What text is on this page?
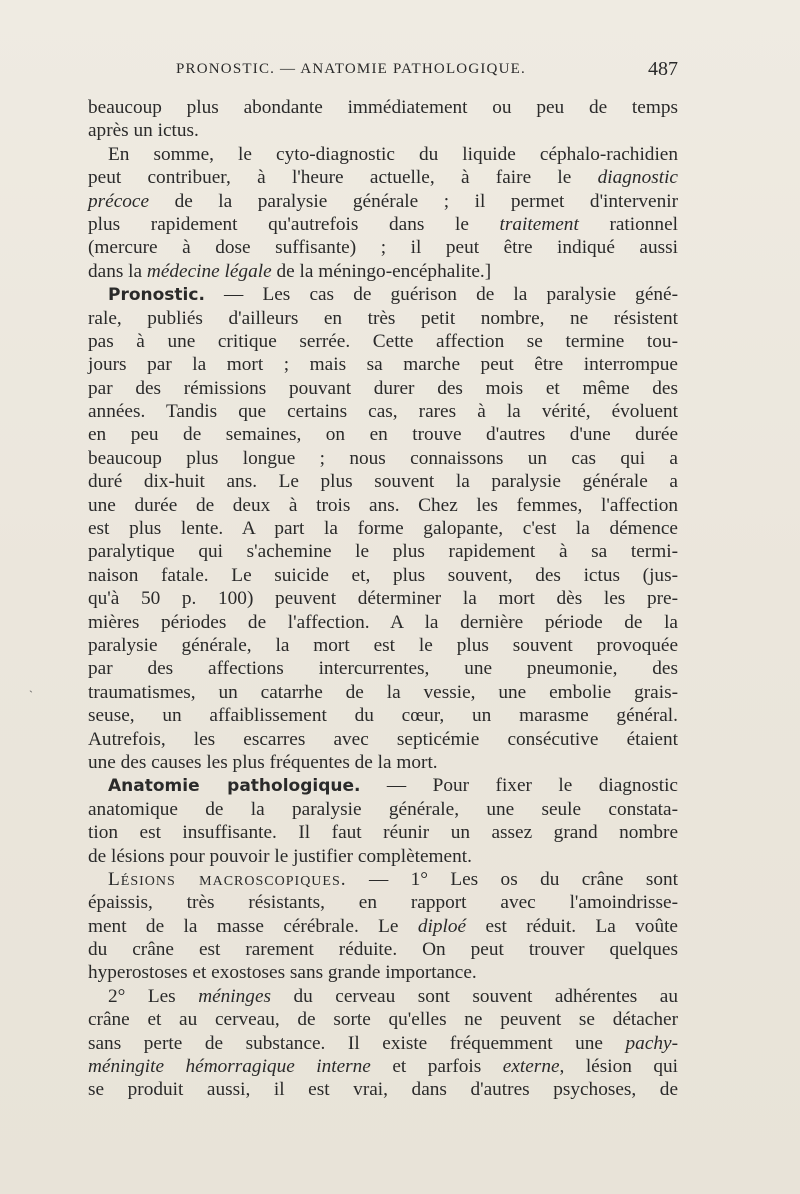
PRONOSTIC. — ANATOMIE PATHOLOGIQUE.	487
`
beaucoup plus abondante immédiatement ou peu de temps
après un ictus.
En somme, le cyto-diagnostic du liquide céphalo-rachidien
peut contribuer, à l'heure actuelle, à faire le diagnostic
précoce de la paralysie générale ; il permet d'intervenir
plus rapidement qu'autrefois dans le traitement rationnel
(mercure à dose suffisante) ; il peut être indiqué aussi
dans la médecine légale de la méningo-encéphalite.]
Pronostic. — Les cas de guérison de la paralysie géné-
rale, publiés d'ailleurs en très petit nombre, ne résistent
pas à une critique serrée. Cette affection se termine tou-
jours par la mort ; mais sa marche peut être interrompue
par des rémissions pouvant durer des mois et même des
années. Tandis que certains cas, rares à la vérité, évoluent
en peu de semaines, on en trouve d'autres d'une durée
beaucoup plus longue ; nous connaissons un cas qui a
duré dix-huit ans. Le plus souvent la paralysie générale a
une durée de deux à trois ans. Chez les femmes, l'affection
est plus lente. A part la forme galopante, c'est la démence
paralytique qui s'achemine le plus rapidement à sa termi-
naison fatale. Le suicide et, plus souvent, des ictus (jus-
qu'à 50 p. 100) peuvent déterminer la mort dès les pre-
mières périodes de l'affection. A la dernière période de la
paralysie générale, la mort est le plus souvent provoquée
par des affections intercurrentes, une pneumonie, des
traumatismes, un catarrhe de la vessie, une embolie grais-
seuse, un affaiblissement du cœur, un marasme général.
Autrefois, les escarres avec septicémie consécutive étaient
une des causes les plus fréquentes de la mort.
Anatomie pathologique. — Pour fixer le diagnostic
anatomique de la paralysie générale, une seule constata-
tion est insuffisante. Il faut réunir un assez grand nombre
de lésions pour pouvoir le justifier complètement.
Lésions macroscopiques. — 1° Les os du crâne sont
épaissis, très résistants, en rapport avec l'amoindrisse-
ment de la masse cérébrale. Le diploé est réduit. La voûte
du crâne est rarement réduite. On peut trouver quelques
hyperostoses et exostoses sans grande importance.
2° Les méninges du cerveau sont souvent adhérentes au
crâne et au cerveau, de sorte qu'elles ne peuvent se détacher
sans perte de substance. Il existe fréquemment une pachy-
méningite hémorragique interne et parfois externe, lésion qui
se produit aussi, il est vrai, dans d'autres psychoses, de
